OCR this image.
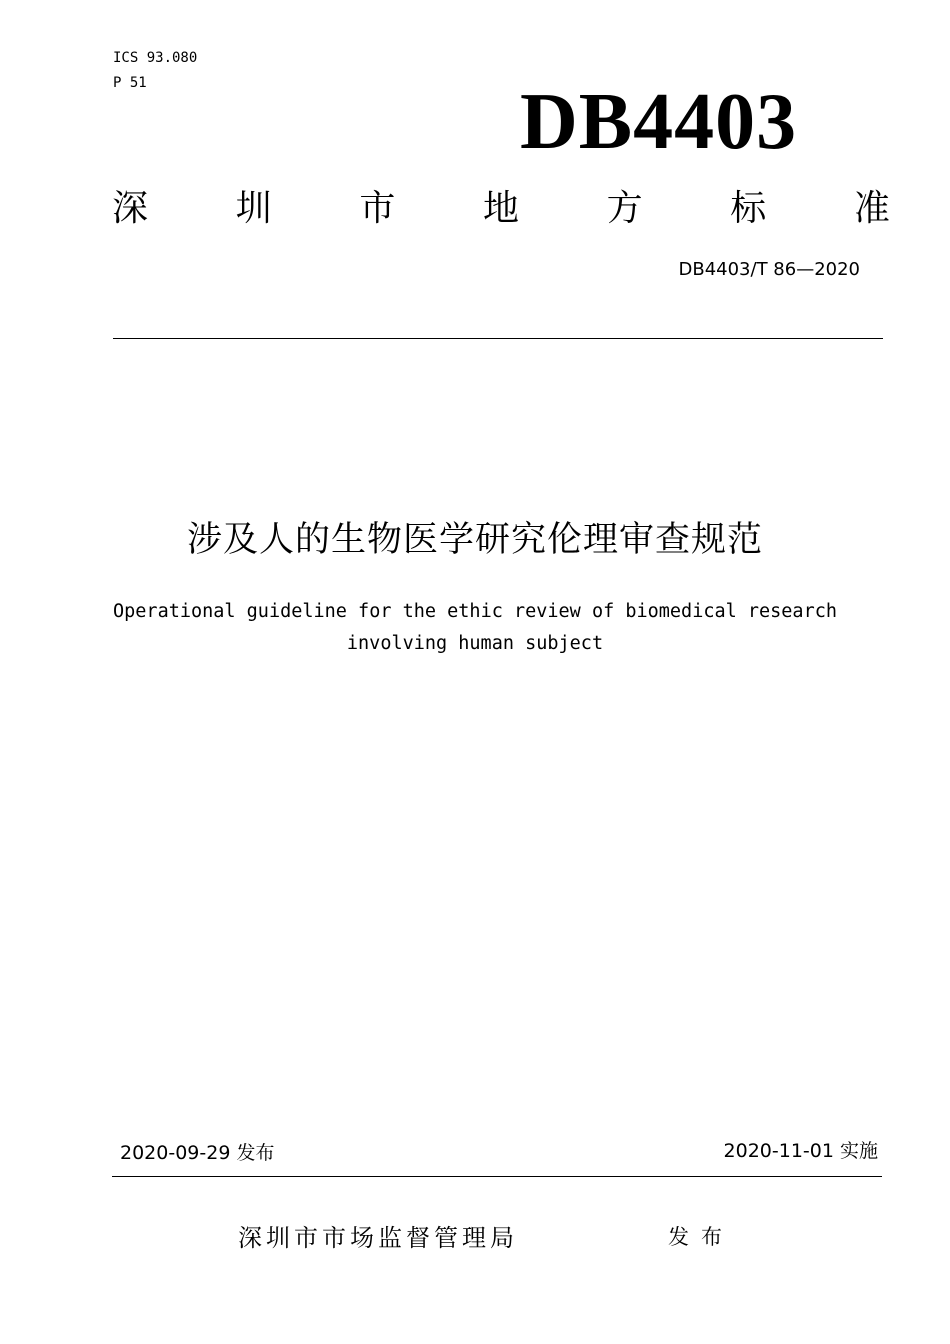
ICS 93.080
P 51	DB4403
深 圳 市 地 方 标 准
DB4403/T 86—2020
涉及人的生物医学研究伦理审查规范
Operational guideline for the ethic review of biomedical research
involving human subject
2020-09-29 发布	2020-11-01 实施
深圳市市场监督管理局	发布
